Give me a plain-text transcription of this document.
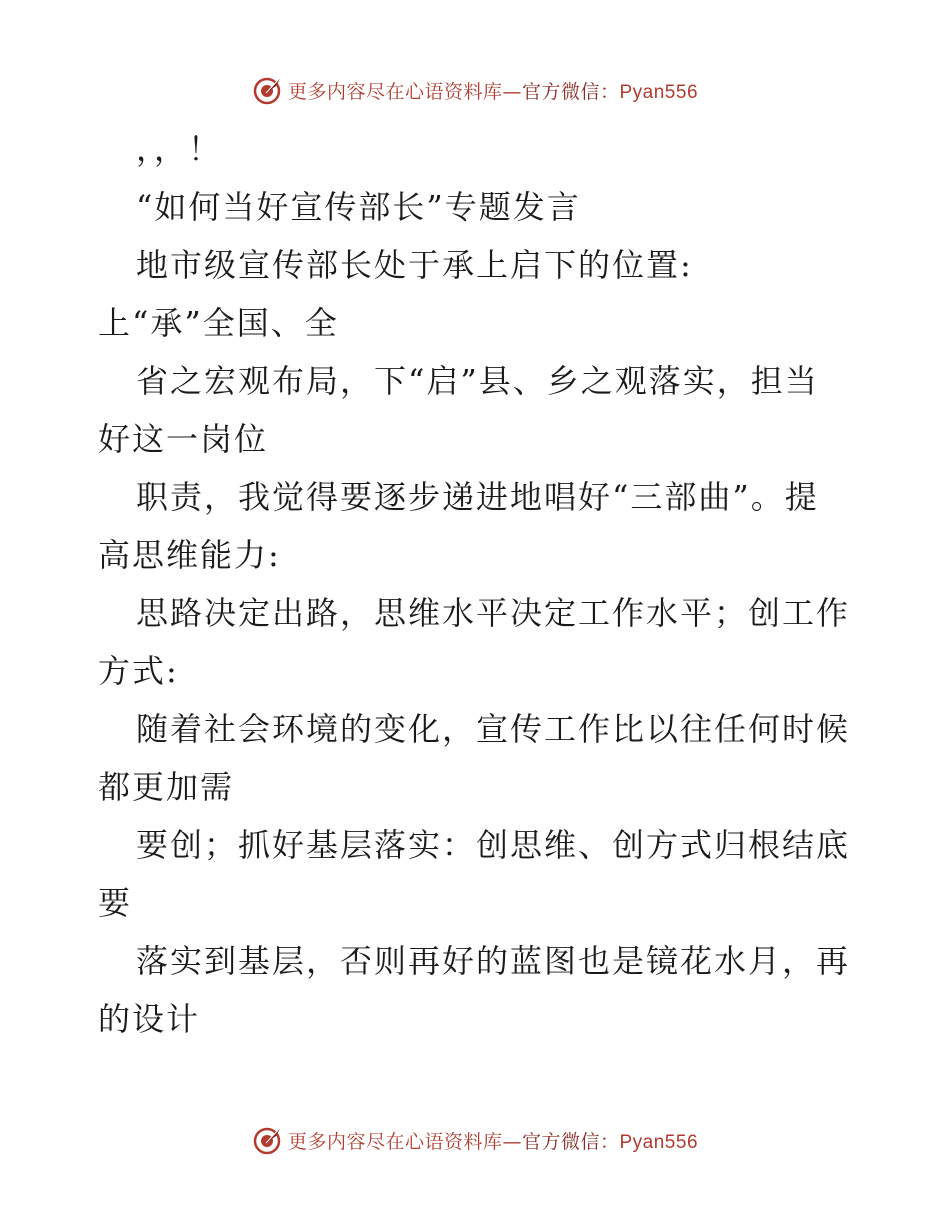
更多内容尽在心语资料库—官方微信：Pyan556
，，！
“如何当好宣传部长”专题发言
地市级宣传部长处于承上启下的位置:
上“承”全国、全
省之宏观布局，下“启”县、乡之观落实，担当
好这一岗位
职责，我觉得要逐步递进地唱好“三部曲”。提
高思维能力:
思路决定出路，思维水平决定工作水平；创工作
方式:
随着社会环境的变化，宣传工作比以往任何时候
都更加需
要创；抓好基层落实：创思维、创方式归根结底
要
落实到基层，否则再好的蓝图也是镜花水月，再
的设计
更多内容尽在心语资料库—官方微信：Pyan556
